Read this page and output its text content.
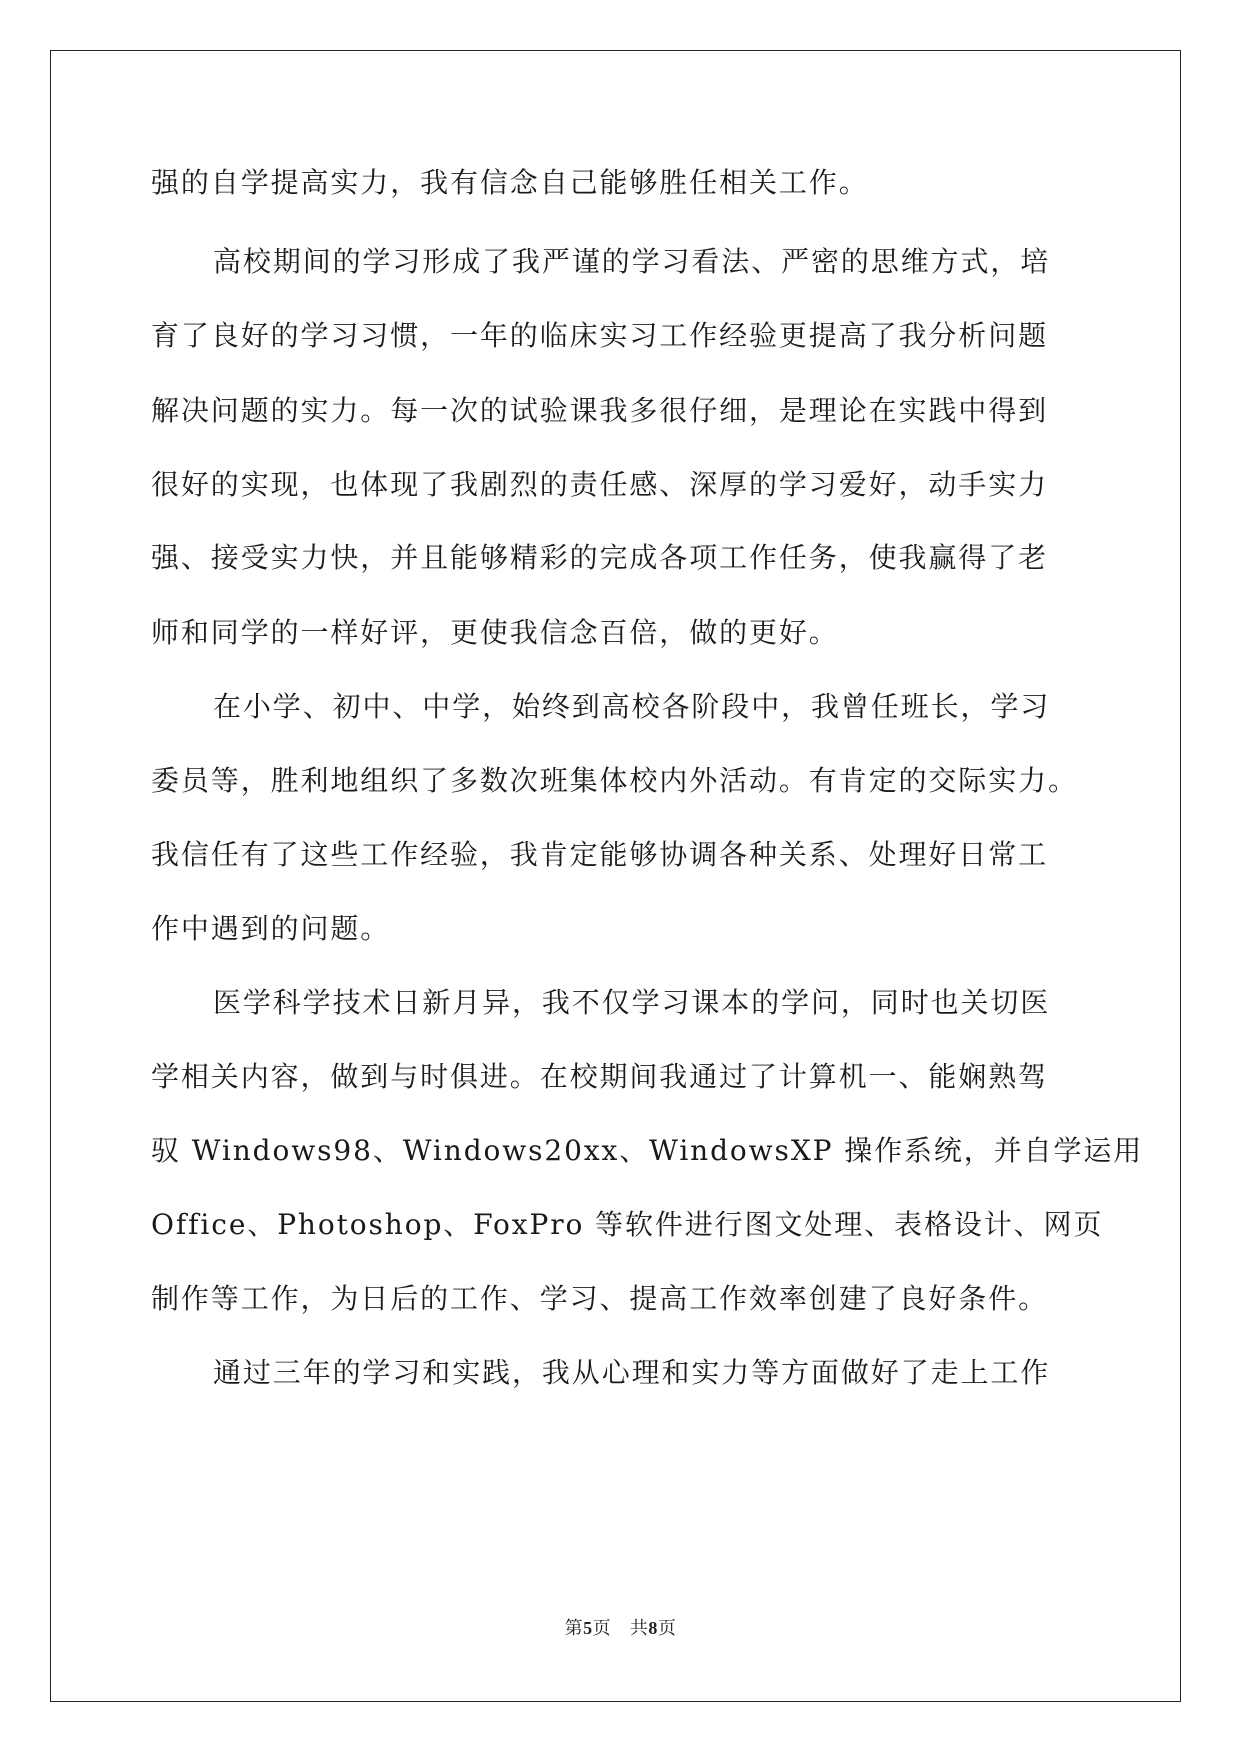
强的自学提高实力，我有信念自己能够胜任相关工作。
高校期间的学习形成了我严谨的学习看法、严密的思维方式，培
育了良好的学习习惯，一年的临床实习工作经验更提高了我分析问题
解决问题的实力。每一次的试验课我多很仔细，是理论在实践中得到
很好的实现，也体现了我剧烈的责任感、深厚的学习爱好，动手实力
强、接受实力快，并且能够精彩的完成各项工作任务，使我赢得了老
师和同学的一样好评，更使我信念百倍，做的更好。
在小学、初中、中学，始终到高校各阶段中，我曾任班长，学习
委员等，胜利地组织了多数次班集体校内外活动。有肯定的交际实力。
我信任有了这些工作经验，我肯定能够协调各种关系、处理好日常工
作中遇到的问题。
医学科学技术日新月异，我不仅学习课本的学问，同时也关切医
学相关内容，做到与时俱进。在校期间我通过了计算机一、能娴熟驾
驭 Windows98、Windows20xx、WindowsXP 操作系统，并自学运用
Office、Photoshop、FoxPro 等软件进行图文处理、表格设计、网页
制作等工作，为日后的工作、学习、提高工作效率创建了良好条件。
通过三年的学习和实践，我从心理和实力等方面做好了走上工作
第5页 共8页
